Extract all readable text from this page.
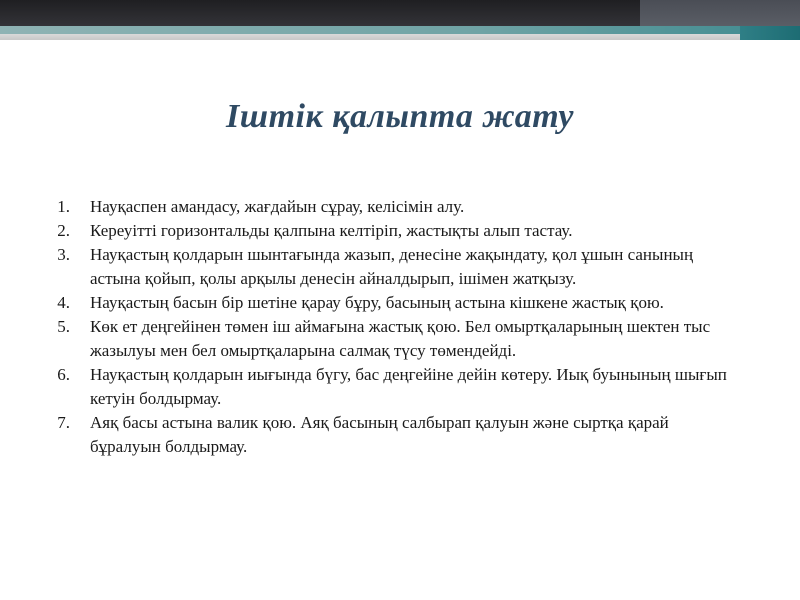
Іштік қалыпта жату
1. Науқаспен амандасу, жағдайын сұрау, келісімін алу.
2. Кереуітті горизонтальды қалпына келтіріп, жастықты алып тастау.
3. Науқастың қолдарын шынтағында жазып, денесіне жақындату, қол ұшын санының астына қойып, қолы арқылы денесін айналдырып, ішімен жатқызу.
4. Науқастың басын бір шетіне қарау бұру, басының астына кішкене жастық қою.
5. Көк ет деңгейінен төмен іш аймағына жастық қою. Бел омыртқаларының шектен тыс жазылуы мен бел омыртқаларына салмақ түсу төмендейді.
6. Науқастың қолдарын иығында бүгу, бас деңгейіне дейін көтеру. Иық буынының шығып кетуін болдырмау.
7. Аяқ басы астына валик қою. Аяқ басының салбырап қалуын және сыртқа қарай бұралуын болдырмау.
